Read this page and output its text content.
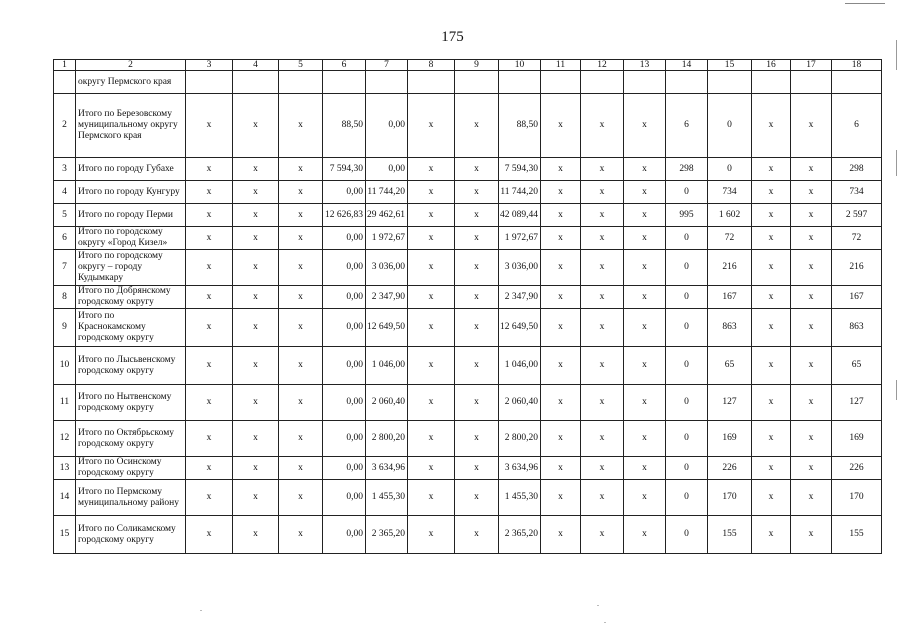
175
1	2	3	4	5	6	7	8	9	10	11	12	13	14	15	16	17	18
	округу Пермского края																
2	Итого по Березовскому муниципальному округу Пермского края	х	х	х	88,50	0,00	х	х	88,50	х	х	х	6	0	х	х	6
3	Итого по городу Губахе	х	х	х	7 594,30	0,00	х	х	7 594,30	х	х	х	298	0	х	х	298
4	Итого по городу Кунгуру	х	х	х	0,00	11 744,20	х	х	11 744,20	х	х	х	0	734	х	х	734
5	Итого по городу Перми	х	х	х	12 626,83	29 462,61	х	х	42 089,44	х	х	х	995	1 602	х	х	2 597
6	Итого по городскому округу «Город Кизел»	х	х	х	0,00	1 972,67	х	х	1 972,67	х	х	х	0	72	х	х	72
7	Итого по городскому округу – городу Кудымкару	х	х	х	0,00	3 036,00	х	х	3 036,00	х	х	х	0	216	х	х	216
8	Итого по Добрянскому городскому округу	х	х	х	0,00	2 347,90	х	х	2 347,90	х	х	х	0	167	х	х	167
9	Итого по Краснокамскому городскому округу	х	х	х	0,00	12 649,50	х	х	12 649,50	х	х	х	0	863	х	х	863
10	Итого по Лысьвенскому городскому округу	х	х	х	0,00	1 046,00	х	х	1 046,00	х	х	х	0	65	х	х	65
11	Итого по Нытвенскому городскому округу	х	х	х	0,00	2 060,40	х	х	2 060,40	х	х	х	0	127	х	х	127
12	Итого по Октябрьскому городскому округу	х	х	х	0,00	2 800,20	х	х	2 800,20	х	х	х	0	169	х	х	169
13	Итого по Осинскому городскому округу	х	х	х	0,00	3 634,96	х	х	3 634,96	х	х	х	0	226	х	х	226
14	Итого по Пермскому муниципальному району	х	х	х	0,00	1 455,30	х	х	1 455,30	х	х	х	0	170	х	х	170
15	Итого по Соликамскому городскому округу	х	х	х	0,00	2 365,20	х	х	2 365,20	х	х	х	0	155	х	х	155
